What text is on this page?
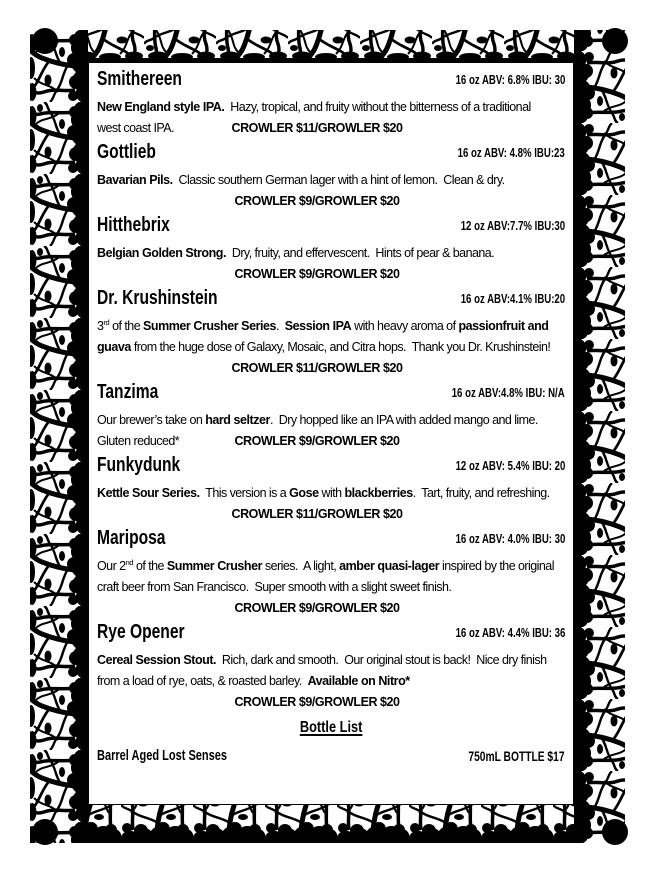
Smithereen	16 oz ABV: 6.8% IBU: 30
New England style IPA.  Hazy, tropical, and fruity without the bitterness of a traditional
west coast IPA.	CROWLER $11/GROWLER $20
Gottlieb	16 oz ABV: 4.8% IBU:23
Bavarian Pils.  Classic southern German lager with a hint of lemon.  Clean & dry.
CROWLER $9/GROWLER $20
Hitthebrix	12 oz ABV:7.7% IBU:30
Belgian Golden Strong.  Dry, fruity, and effervescent.  Hints of pear & banana.
CROWLER $9/GROWLER $20
Dr. Krushinstein	16 oz ABV:4.1% IBU:20
3rd of the Summer Crusher Series.  Session IPA with heavy aroma of passionfruit and
guava from the huge dose of Galaxy, Mosaic, and Citra hops.  Thank you Dr. Krushinstein!
CROWLER $11/GROWLER $20
Tanzima	16 oz ABV:4.8% IBU: N/A
Our brewer’s take on hard seltzer.  Dry hopped like an IPA with added mango and lime.
Gluten reduced*	CROWLER $9/GROWLER $20
Funkydunk	12 oz ABV: 5.4% IBU: 20
Kettle Sour Series.  This version is a Gose with blackberries.  Tart, fruity, and refreshing.
CROWLER $11/GROWLER $20
Mariposa	16 oz ABV: 4.0% IBU: 30
Our 2nd of the Summer Crusher series.  A light, amber quasi-lager inspired by the original
craft beer from San Francisco.  Super smooth with a slight sweet finish.
CROWLER $9/GROWLER $20
Rye Opener	16 oz ABV: 4.4% IBU: 36
Cereal Session Stout.  Rich, dark and smooth.  Our original stout is back!  Nice dry finish
from a load of rye, oats, & roasted barley.  Available on Nitro*
CROWLER $9/GROWLER $20
Bottle List
Barrel Aged Lost Senses	750mL BOTTLE $17
